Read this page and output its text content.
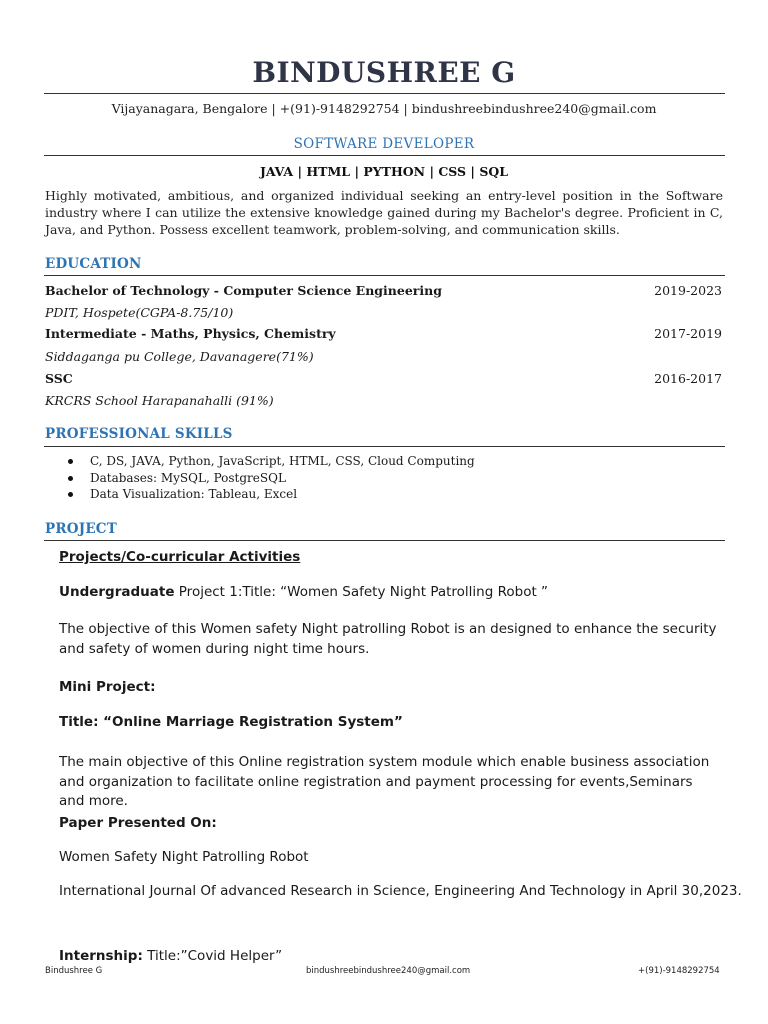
BINDUSHREE G
Vijayanagara, Bengalore | +(91)-9148292754 | bindushreebindushree240@gmail.com
SOFTWARE DEVELOPER
JAVA | HTML | PYTHON | CSS | SQL

Highly motivated, ambitious, and organized individual seeking an entry-level position in the Software industry where I can utilize the extensive knowledge gained during my Bachelor's degree. Proficient in C, Java, and Python. Possess excellent teamwork, problem-solving, and communication skills.

EDUCATION
Bachelor of Technology - Computer Science Engineering	2019-2023
PDIT, Hospete(CGPA-8.75/10)
Intermediate - Maths, Physics, Chemistry	2017-2019
Siddaganga pu College, Davanagere(71%)
SSC	2016-2017
KRCRS School Harapanahalli (91%)
PROFESSIONAL SKILLS
C, DS, JAVA, Python, JavaScript, HTML, CSS, Cloud Computing
Databases: MySQL, PostgreSQL
Data Visualization: Tableau, Excel
PROJECT
Projects/Co-curricular Activities
Undergraduate Project 1:Title: “Women Safety Night Patrolling Robot ”

The objective of this Women safety Night patrolling Robot is an designed to enhance the security and safety of women during night time hours.

Mini Project:
Title: “Online Marriage Registration System”

The main objective of this Online registration system module which enable business association and organization to facilitate online registration and payment processing for events,Seminars and more.

Paper Presented On:
Women Safety Night Patrolling Robot
International Journal Of advanced Research in Science, Engineering And Technology in April 30,2023.
Internship: Title:”Covid Helper”
Bindushree G	bindushreebindushree240@gmail.com	+(91)-9148292754
